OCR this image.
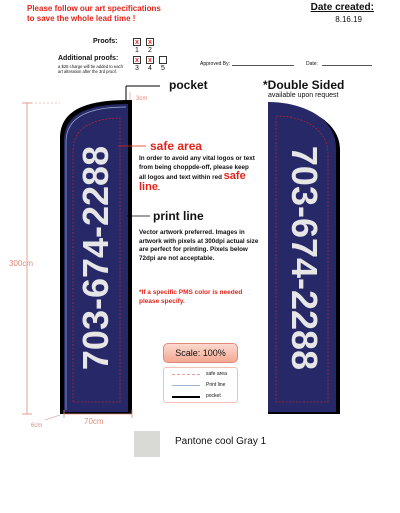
Please follow our art specifications
to save the whole lead time !
Date created:
8.16.19
Proofs:	x x
1 2
Additional proofs:
a $25 charge will be added to each art alteration after the 3rd proof.
x x
3 4 5
Approved By:	Date:
703-674-2288	703-674-2288
pocket
3cm
*Double Sided
available upon request
safe area
In order to avoid any vital logos or text from being choppde-off, please keep all logos and text within red safe line.
print line
Vector artwork preferred. Images in artwork with pixels at 300dpi actual size are perfect for printing. Pixels below 72dpi are not acceptable.
*If a specific PMS color is needed please specify.
300cm
70cm
6cm
Scale: 100%
safe area
Print line
pocket
Pantone cool Gray 1
